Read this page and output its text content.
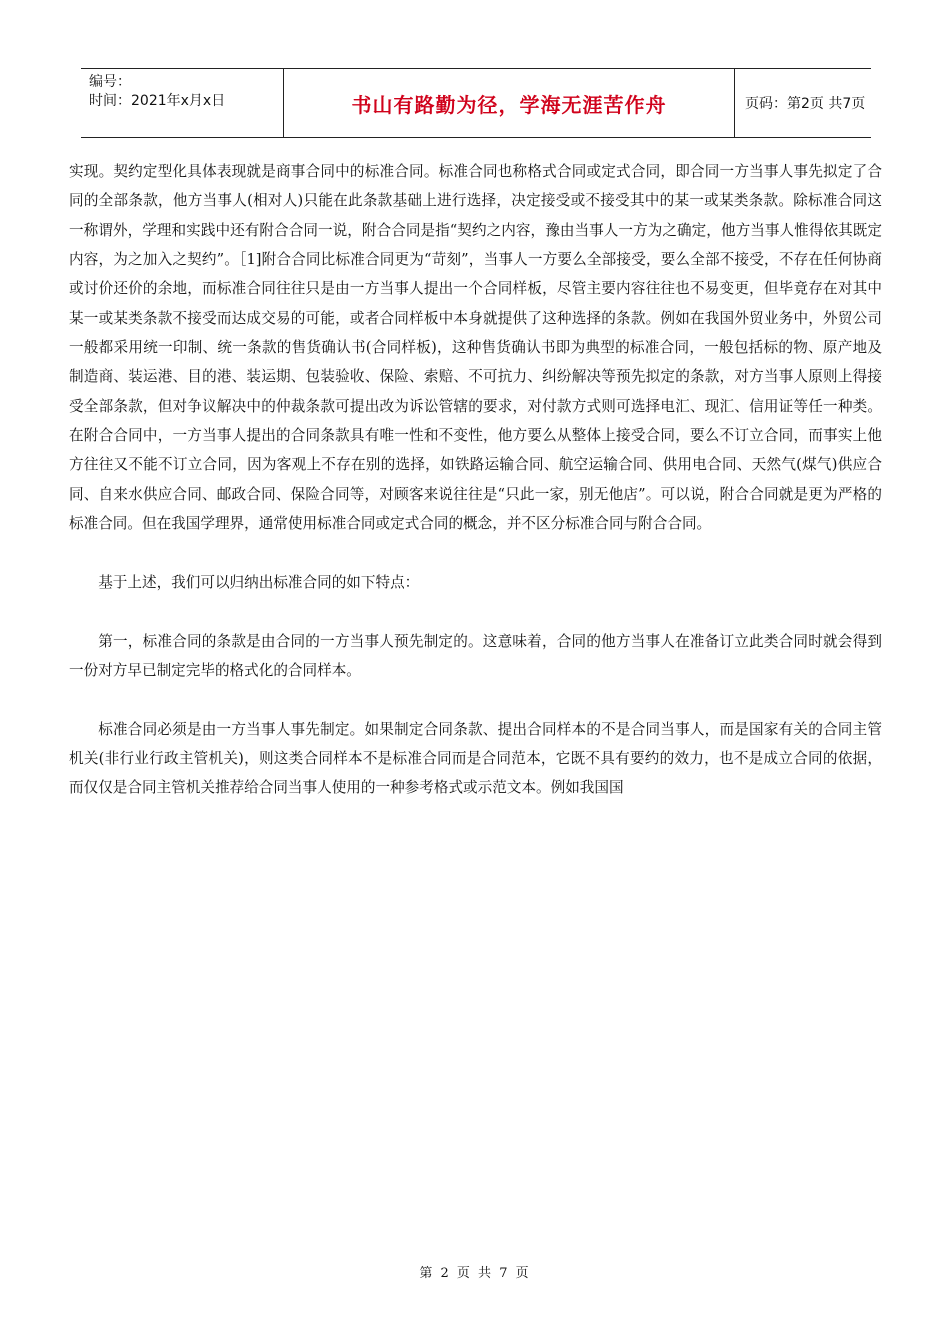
编号：
时间：2021年x月x日	书山有路勤为径，学海无涯苦作舟	页码：第2页 共7页

实现。契约定型化具体表现就是商事合同中的标准合同。标准合同也称格式合同或定式合同，即合同一方当事人事先拟定了合同的全部条款，他方当事人(相对人)只能在此条款基础上进行选择，决定接受或不接受其中的某一或某类条款。除标准合同这一称谓外，学理和实践中还有附合合同一说，附合合同是指“契约之内容，豫由当事人一方为之确定，他方当事人惟得依其既定内容，为之加入之契约”。［1]附合合同比标准合同更为“苛刻”，当事人一方要么全部接受，要么全部不接受，不存在任何协商或讨价还价的余地，而标准合同往往只是由一方当事人提出一个合同样板，尽管主要内容往往也不易变更，但毕竟存在对其中某一或某类条款不接受而达成交易的可能，或者合同样板中本身就提供了这种选择的条款。例如在我国外贸业务中，外贸公司一般都采用统一印制、统一条款的售货确认书(合同样板)，这种售货确认书即为典型的标准合同，一般包括标的物、原产地及制造商、装运港、目的港、装运期、包装验收、保险、索赔、不可抗力、纠纷解决等预先拟定的条款，对方当事人原则上得接受全部条款，但对争议解决中的仲裁条款可提出改为诉讼管辖的要求，对付款方式则可选择电汇、现汇、信用证等任一种类。在附合合同中，一方当事人提出的合同条款具有唯一性和不变性，他方要么从整体上接受合同，要么不订立合同，而事实上他方往往又不能不订立合同，因为客观上不存在别的选择，如铁路运输合同、航空运输合同、供用电合同、天然气(煤气)供应合同、自来水供应合同、邮政合同、保险合同等，对顾客来说往往是“只此一家，别无他店”。可以说，附合合同就是更为严格的标准合同。但在我国学理界，通常使用标准合同或定式合同的概念，并不区分标准合同与附合合同。

基于上述，我们可以归纳出标准合同的如下特点：

第一，标准合同的条款是由合同的一方当事人预先制定的。这意味着，合同的他方当事人在准备订立此类合同时就会得到一份对方早已制定完毕的格式化的合同样本。

标准合同必须是由一方当事人事先制定。如果制定合同条款、提出合同样本的不是合同当事人，而是国家有关的合同主管机关(非行业行政主管机关)，则这类合同样本不是标准合同而是合同范本，它既不具有要约的效力，也不是成立合同的依据，而仅仅是合同主管机关推荐给合同当事人使用的一种参考格式或示范文本。例如我国国

第 2 页 共 7 页
